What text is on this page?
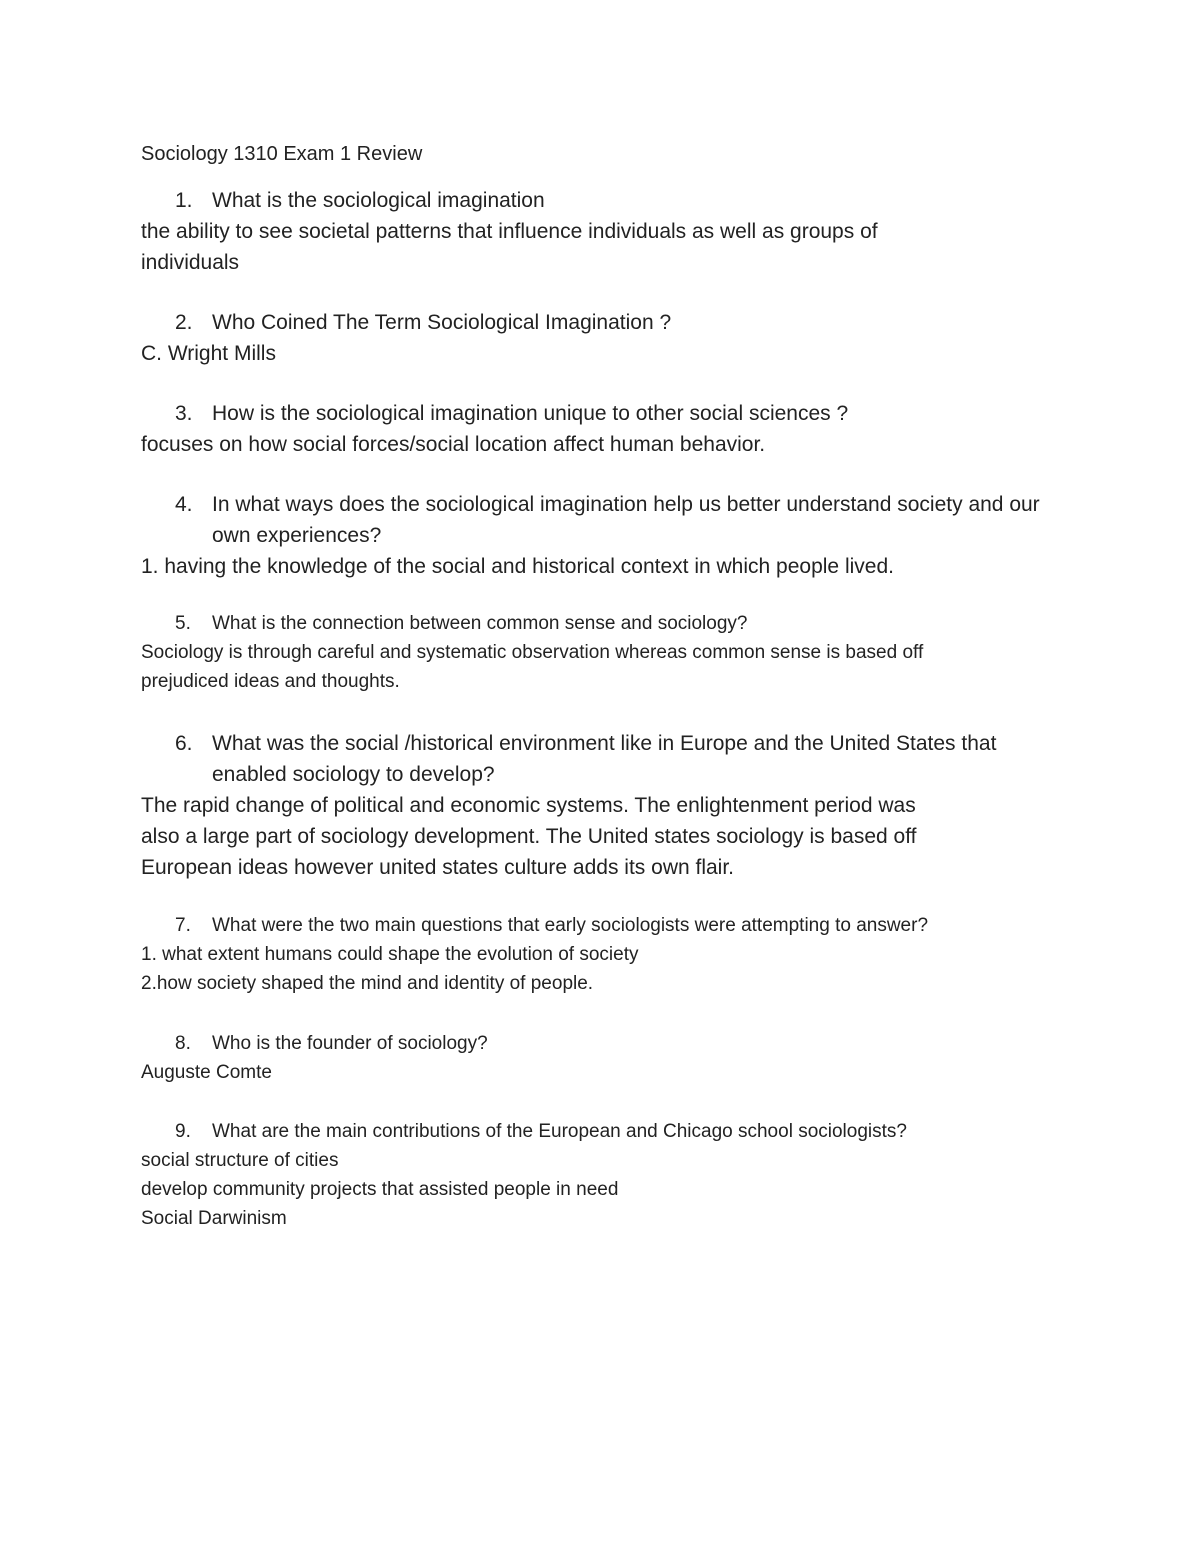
Sociology 1310 Exam 1 Review
1. What is the sociological imagination

the ability to see societal patterns that influence individuals as well as groups of

individuals

2. Who Coined The Term Sociological Imagination ?

C. Wright Mills

3. How is the sociological imagination unique to other social sciences ?

focuses on how social forces/social location affect human behavior.

4. In what ways does the sociological imagination help us better understand society and our own experiences?

1. having the knowledge of the social and historical context in which people lived.

5. What is the connection between common sense and sociology?

Sociology is through careful and systematic observation whereas common sense is based off

prejudiced ideas and thoughts.

6. What was the social /historical environment like in Europe and the United States that enabled sociology to develop?

The rapid change of political and economic systems. The enlightenment period was

also a large part of sociology development. The United states sociology is based off

European ideas however united states culture adds its own flair.

7. What were the two main questions that early sociologists were attempting to answer?

1. what extent humans could shape the evolution of society

2.how society shaped the mind and identity of people.

8. Who is the founder of sociology?

Auguste Comte

9. What are the main contributions of the European and Chicago school sociologists?

social structure of cities

develop community projects that assisted people in need

Social Darwinism
